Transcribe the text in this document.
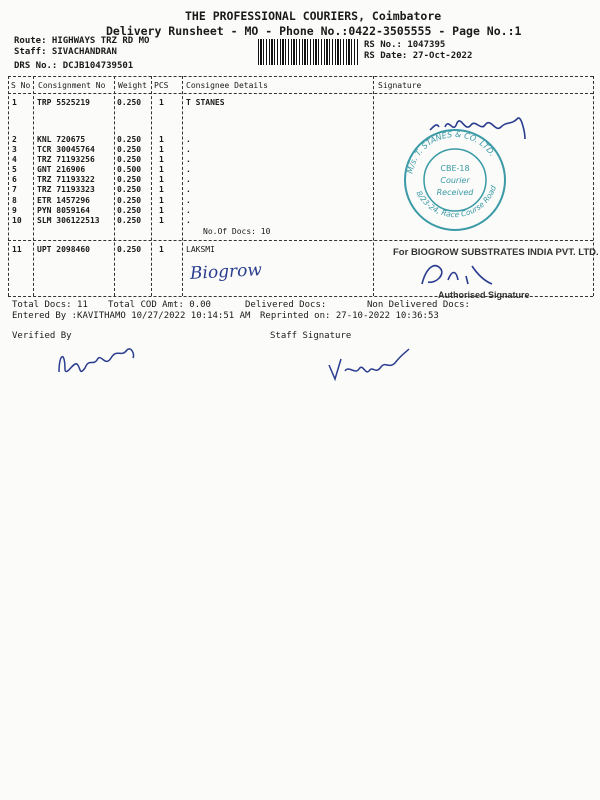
THE PROFESSIONAL COURIERS, Coimbatore
Delivery Runsheet - MO - Phone No.:0422-3505555 - Page No.:1
Route: HIGHWAYS TRZ RD MO
Staff: SIVACHANDRAN
DRS No.: DCJB104739501
RS No.: 1047395
RS Date: 27-Oct-2022
S No Consignment No Weight PCS Consignee Details	Signature
1	TRP 5525219	0.250 1	T STANES
2	KNL 720675	0.250 1	.
3	TCR 30045764	0.250 1	.
4	TRZ 71193256	0.250 1	.
5	GNT 216906	0.500 1	.
6	TRZ 71193322	0.250 1	.
7	TRZ 71193323	0.250 1	.
8	ETR 1457296	0.250 1	.
9	PYN 8059164	0.250 1	.
10 SLM 306122513 0.250 1	.
No.Of Docs: 10
11 UPT 2098460	0.250 1	LAKSMI
Biogrow
M/s. T. STANES & CO. LTD.
8/23-24, Race Course Road
CBE-18
Courier
Received
For BIOGROW SUBSTRATES INDIA PVT. LTD.
Authorised Signature
Total Docs: 11 Total COD Amt: 0.00	Delivered Docs:	Non Delivered Docs:
Entered By :KAVITHAMO 10/27/2022 10:14:51 AM Reprinted on: 27-10-2022 10:36:53
Verified By	Staff Signature
